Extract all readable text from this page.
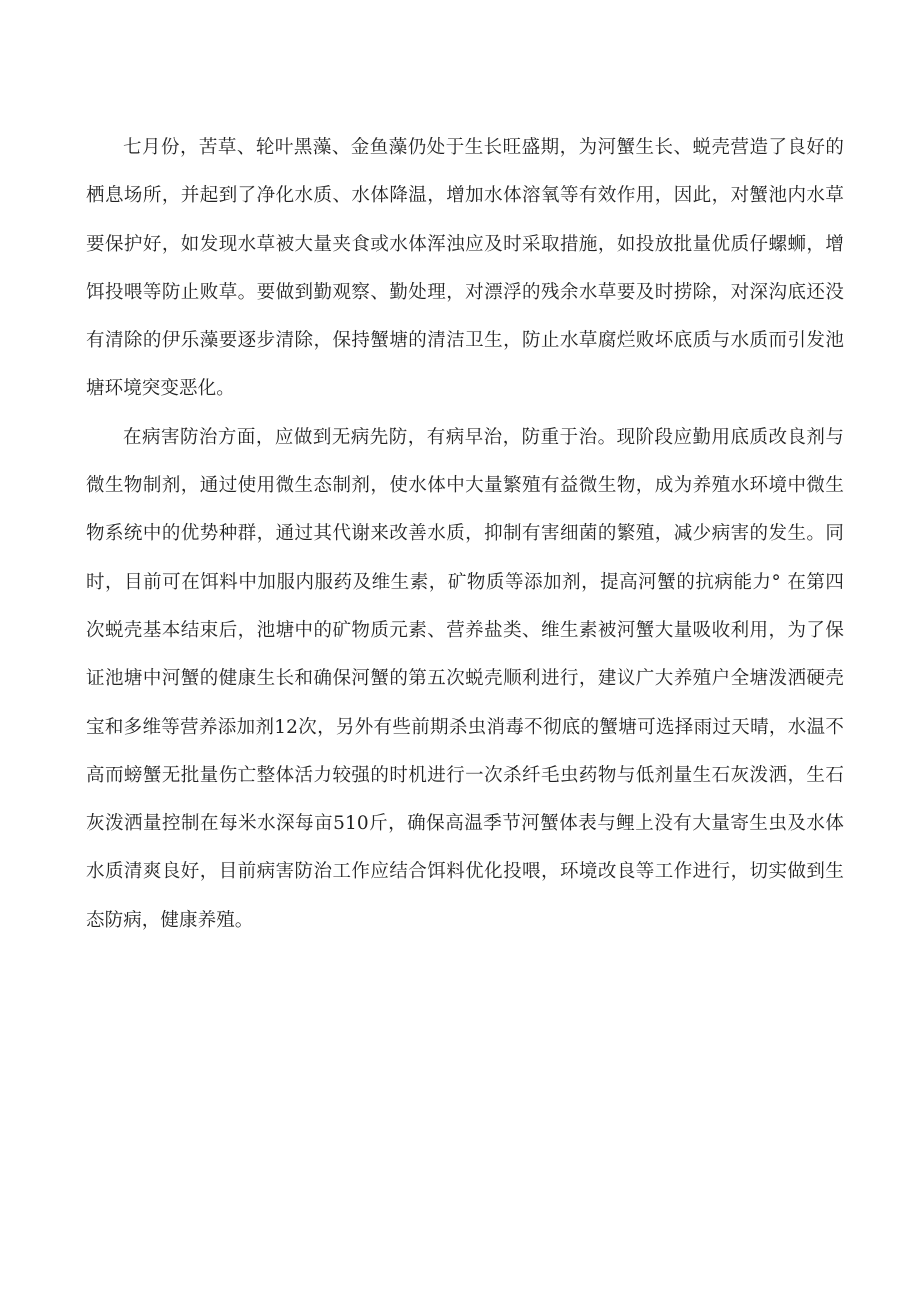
七月份，苦草、轮叶黑藻、金鱼藻仍处于生长旺盛期，为河蟹生长、蜕壳营造了良好的栖息场所，并起到了净化水质、水体降温，增加水体溶氧等有效作用，因此，对蟹池内水草要保护好，如发现水草被大量夹食或水体浑浊应及时采取措施，如投放批量优质仔螺蛳，增饵投喂等防止败草。要做到勤观察、勤处理，对漂浮的残余水草要及时捞除，对深沟底还没有清除的伊乐藻要逐步清除，保持蟹塘的清洁卫生，防止水草腐烂败坏底质与水质而引发池塘环境突变恶化。

在病害防治方面，应做到无病先防，有病早治，防重于治。现阶段应勤用底质改良剂与微生物制剂，通过使用微生态制剂，使水体中大量繁殖有益微生物，成为养殖水环境中微生物系统中的优势种群，通过其代谢来改善水质，抑制有害细菌的繁殖，减少病害的发生。同时，目前可在饵料中加服内服药及维生素，矿物质等添加剂，提高河蟹的抗病能力° 在第四次蜕壳基本结束后，池塘中的矿物质元素、营养盐类、维生素被河蟹大量吸收利用，为了保证池塘中河蟹的健康生长和确保河蟹的第五次蜕壳顺利进行，建议广大养殖户全塘泼洒硬壳宝和多维等营养添加剂12次，另外有些前期杀虫消毒不彻底的蟹塘可选择雨过天晴，水温不高而螃蟹无批量伤亡整体活力较强的时机进行一次杀纤毛虫药物与低剂量生石灰泼洒，生石灰泼洒量控制在每米水深每亩510斤，确保高温季节河蟹体表与鲤上没有大量寄生虫及水体水质清爽良好，目前病害防治工作应结合饵料优化投喂，环境改良等工作进行，切实做到生态防病，健康养殖。
